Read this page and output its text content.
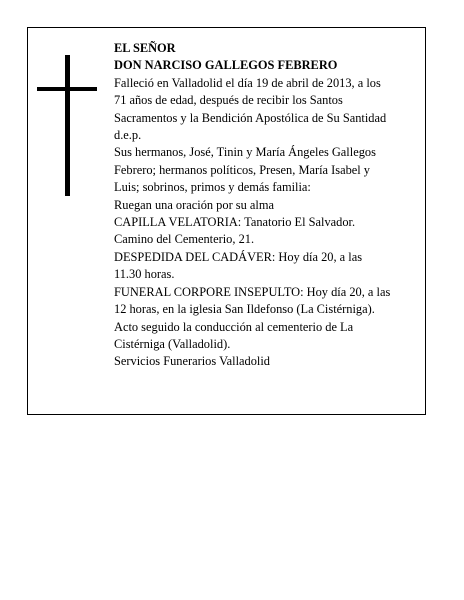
EL SEÑOR

DON NARCISO GALLEGOS FEBRERO

Falleció en Valladolid el día 19 de abril de 2013, a los

71 años de edad, después de recibir los Santos

Sacramentos y la Bendición Apostólica de Su Santidad

d.e.p.

Sus hermanos, José, Tinin y María Ángeles Gallegos

Febrero; hermanos políticos, Presen, María Isabel y

Luis; sobrinos, primos y demás familia:

Ruegan una oración por su alma

CAPILLA VELATORIA: Tanatorio El Salvador.

Camino del Cementerio, 21.

DESPEDIDA DEL CADÁVER: Hoy día 20, a las

11.30 horas.

FUNERAL CORPORE INSEPULTO: Hoy día 20, a las

12 horas, en la iglesia San Ildefonso (La Cistérniga).

Acto seguido la conducción al cementerio de La

Cistérniga (Valladolid).

Servicios Funerarios Valladolid
